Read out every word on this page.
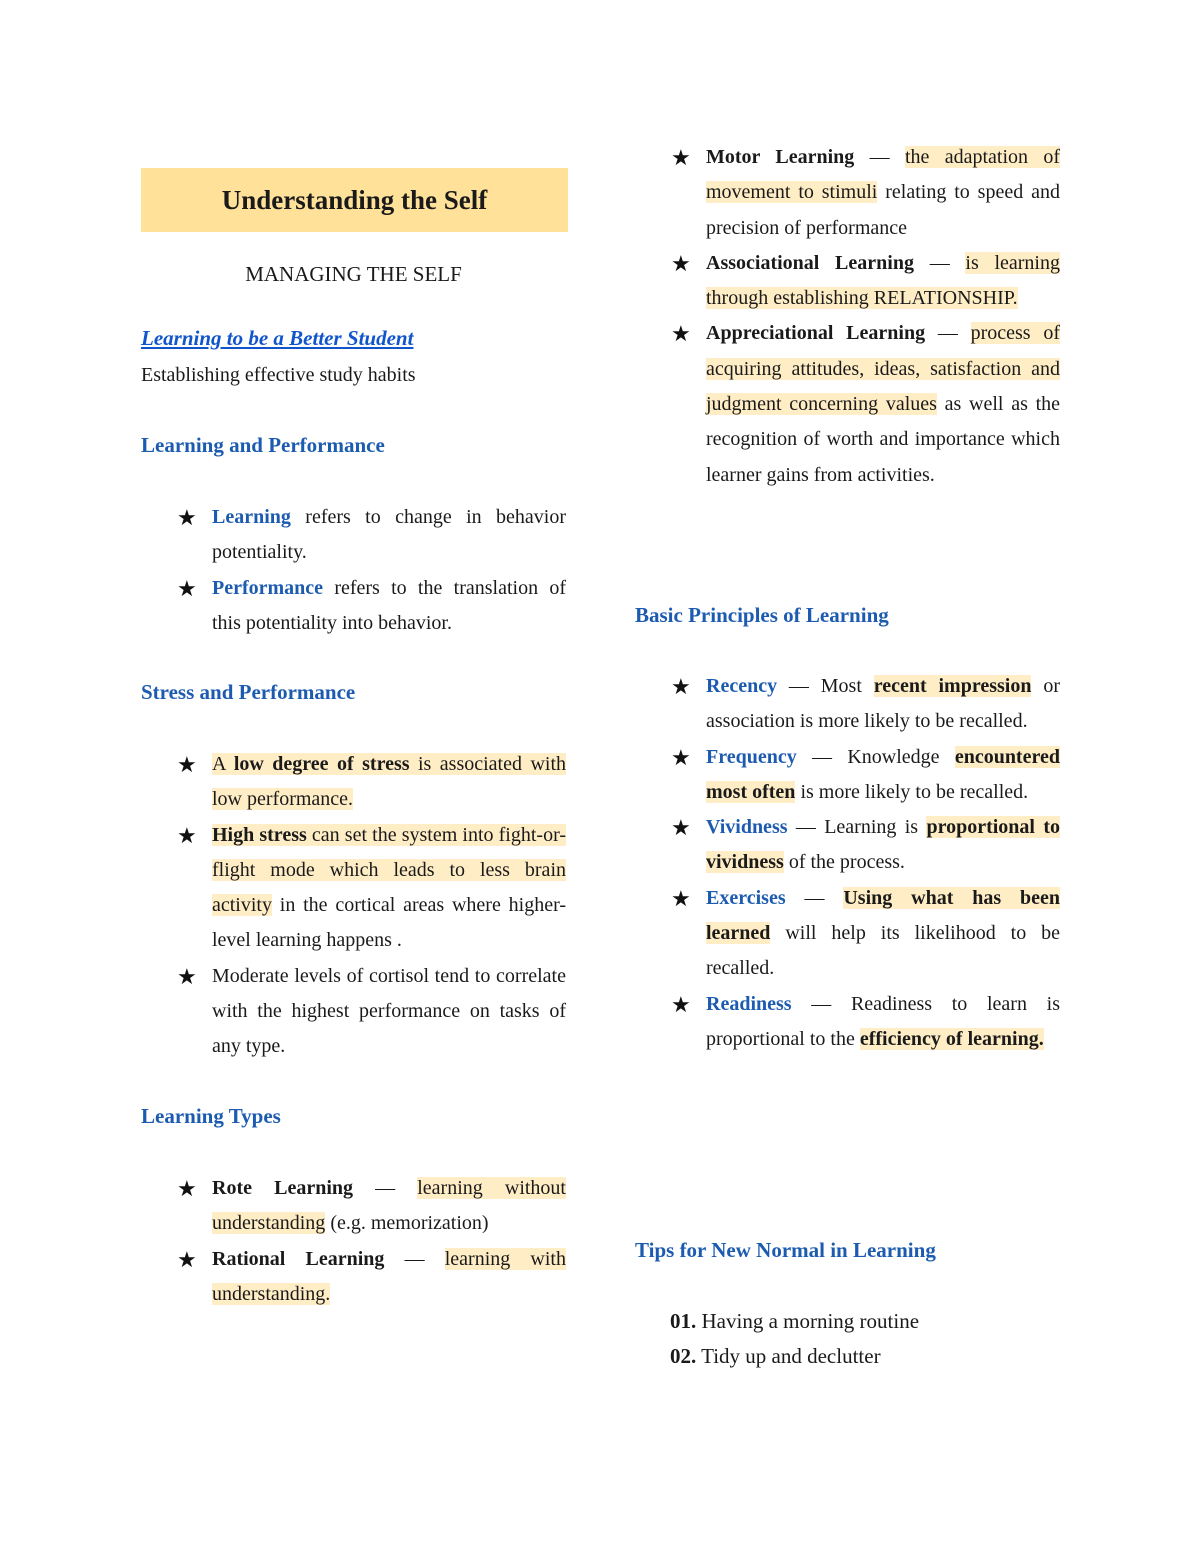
Understanding the Self
MANAGING THE SELF
Learning to be a Better Student
Establishing effective study habits
Learning and Performance
★ Learning refers to change in behavior potentiality.
★ Performance refers to the translation of this potentiality into behavior.
Stress and Performance
★ A low degree of stress is associated with low performance.
★ High stress can set the system into fight-or-flight mode which leads to less brain activity in the cortical areas where higher-level learning happens .
★ Moderate levels of cortisol tend to correlate with the highest performance on tasks of any type.
Learning Types
★ Rote Learning — learning without understanding (e.g. memorization)
★ Rational Learning — learning with understanding.
★ Motor Learning — the adaptation of movement to stimuli relating to speed and precision of performance
★ Associational Learning — is learning through establishing RELATIONSHIP.
★ Appreciational Learning — process of acquiring attitudes, ideas, satisfaction and judgment concerning values as well as the recognition of worth and importance which learner gains from activities.
Basic Principles of Learning
★ Recency — Most recent impression or association is more likely to be recalled.
★ Frequency — Knowledge encountered most often is more likely to be recalled.
★ Vividness — Learning is proportional to vividness of the process.
★ Exercises — Using what has been learned will help its likelihood to be recalled.
★ Readiness — Readiness to learn is proportional to the efficiency of learning.
Tips for New Normal in Learning
01. Having a morning routine
02. Tidy up and declutter
